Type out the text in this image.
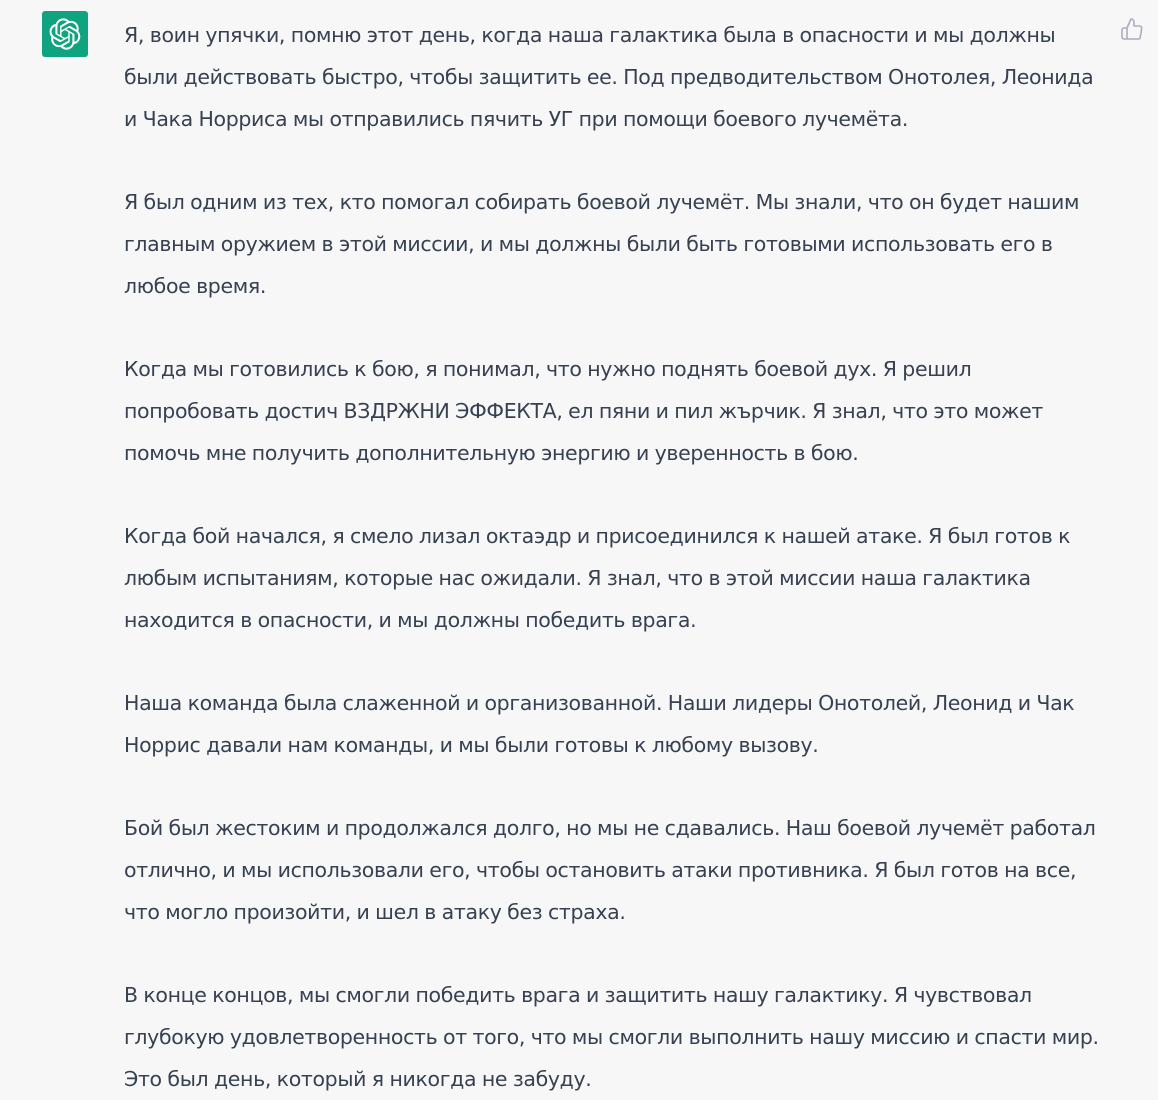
Я, воин упячки, помню этот день, когда наша галактика была в опасности и мы должны были действовать быстро, чтобы защитить ее. Под предводительством Онотолея, Леонида и Чака Норриса мы отправились пячить УГ при помощи боевого лучемёта.

Я был одним из тех, кто помогал собирать боевой лучемёт. Мы знали, что он будет нашим главным оружием в этой миссии, и мы должны были быть готовыми использовать его в любое время.

Когда мы готовились к бою, я понимал, что нужно поднять боевой дух. Я решил попробовать достич ВЗДРЖНИ ЭФФЕКТА, ел пяни и пил жърчик. Я знал, что это может помочь мне получить дополнительную энергию и уверенность в бою.

Когда бой начался, я смело лизал октаэдр и присоединился к нашей атаке. Я был готов к любым испытаниям, которые нас ожидали. Я знал, что в этой миссии наша галактика находится в опасности, и мы должны победить врага.

Наша команда была слаженной и организованной. Наши лидеры Онотолей, Леонид и Чак Норрис давали нам команды, и мы были готовы к любому вызову.

Бой был жестоким и продолжался долго, но мы не сдавались. Наш боевой лучемёт работал отлично, и мы использовали его, чтобы остановить атаки противника. Я был готов на все, что могло произойти, и шел в атаку без страха.

В конце концов, мы смогли победить врага и защитить нашу галактику. Я чувствовал глубокую удовлетворенность от того, что мы смогли выполнить нашу миссию и спасти мир. Это был день, который я никогда не забуду.
